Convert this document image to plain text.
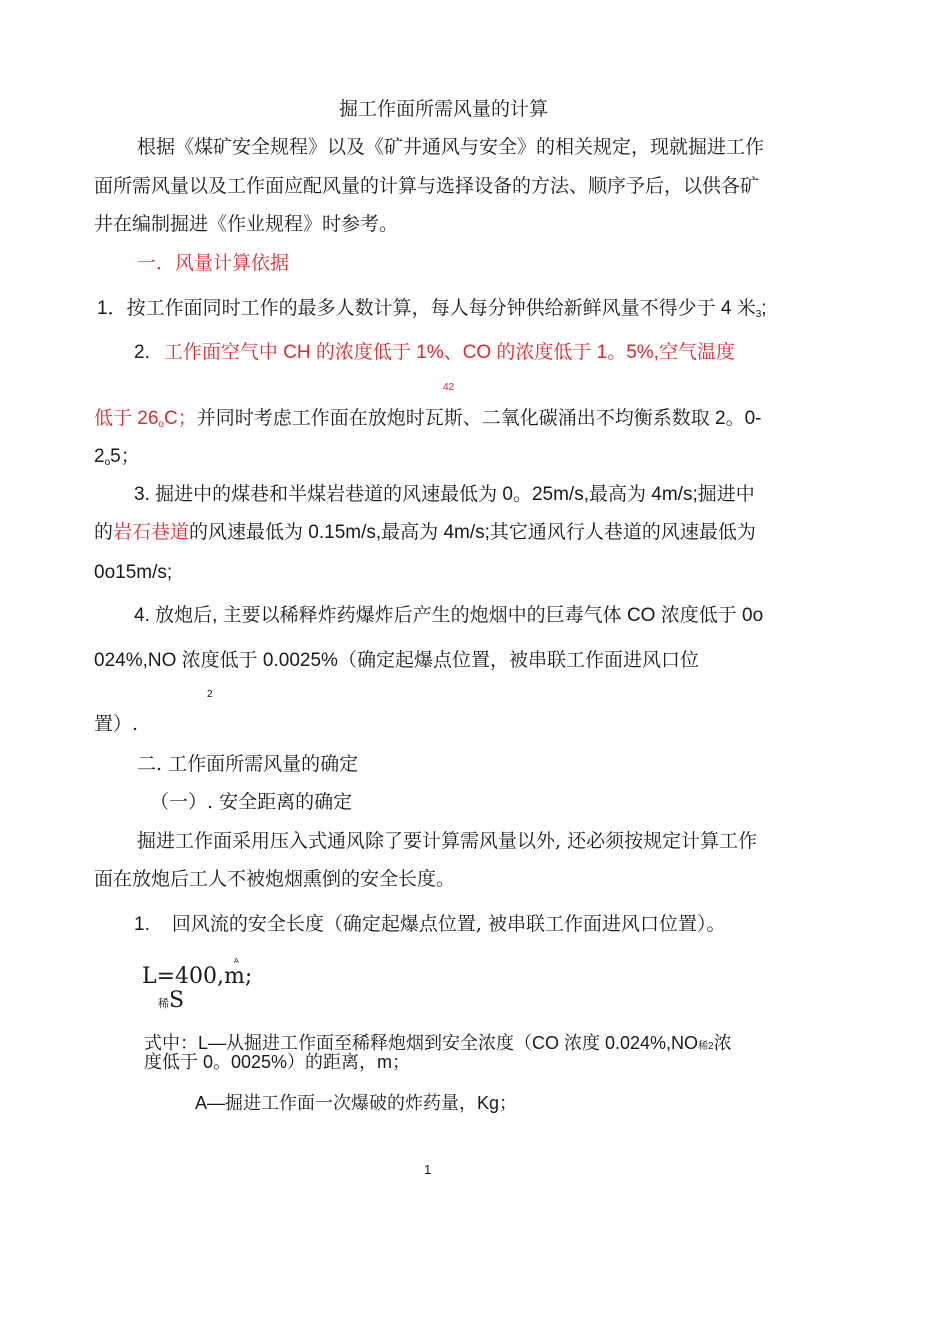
掘工作面所需风量的计算
根据《煤矿安全规程》以及《矿井通风与安全》的相关规定，现就掘进工作
面所需风量以及工作面应配风量的计算与选择设备的方法、顺序予后，以供各矿
井在编制掘进《作业规程》时参考。
一．风量计算依据
1．按工作面同时工作的最多人数计算，每人每分钟供给新鲜风量不得少于 4 米$_3$;
2. 工作面空气中 CH 的浓度低于 1%、CO 的浓度低于 1。5%,空气温度
42
低于 $26_oC$；并同时考虑工作面在放炮时瓦斯、二氧化碳涌出不均衡系数取 2。0-
$2_o5$；
3. 掘进中的煤巷和半煤岩巷道的风速最低为 0。25m/s,最高为 4m/s;掘进中
的岩石巷道的风速最低为 0.15m/s,最高为 4m/s;其它通风行人巷道的风速最低为
0o15m/s;
4. 放炮后, 主要以稀释炸药爆炸后产生的炮烟中的巨毒气体 CO 浓度低于 0o
024%,NO 浓度低于 0.0025%（确定起爆点位置，被串联工作面进风口位
2
置）.
二. 工作面所需风量的确定
（一）. 安全距离的确定
掘进工作面采用压入式通风除了要计算需风量以外, 还必须按规定计算工作
面在放炮后工人不被炮烟熏倒的安全长度。
1. 回风流的安全长度（确定起爆点位置, 被串联工作面进风口位置）。
L=400,m;
A
稀S
式中：L—从掘进工作面至稀释炮烟到安全浓度（CO 浓度 0.024%,NO稀2浓
度低于 0。0025%）的距离，m；
A—掘进工作面一次爆破的炸药量，Kg；
1
